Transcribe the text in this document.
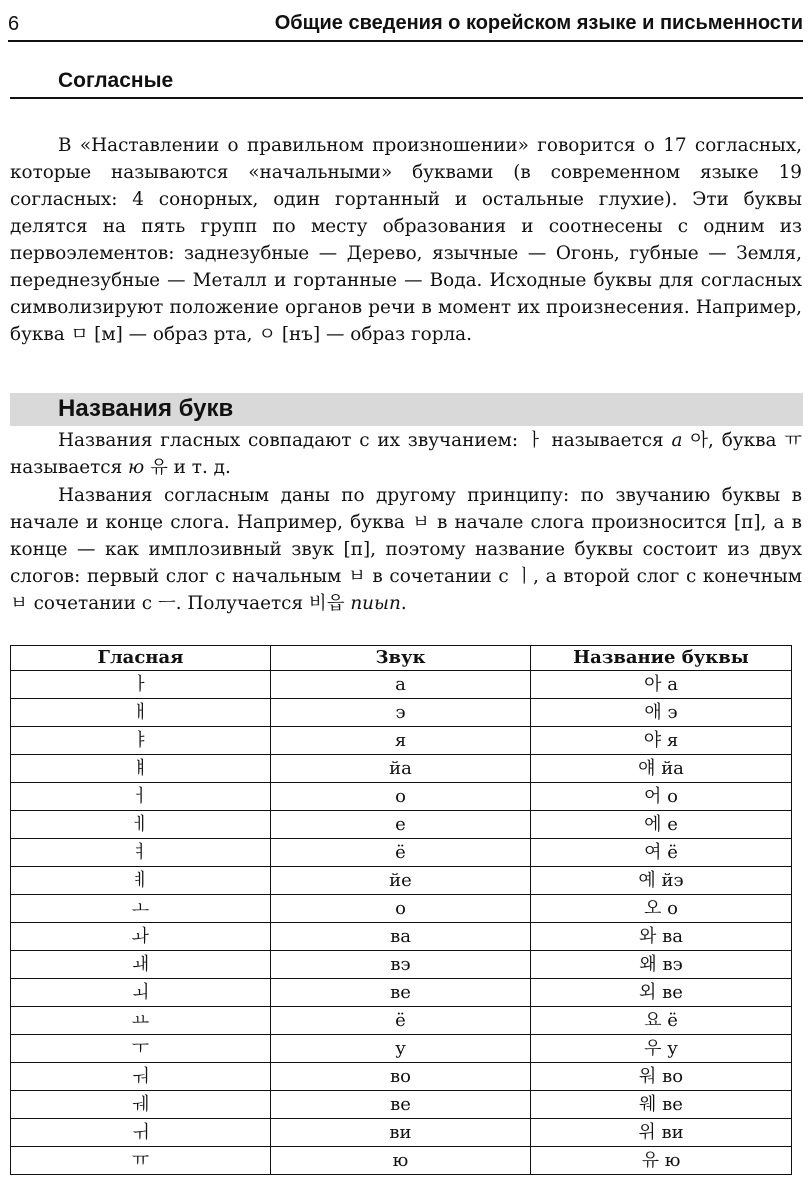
6	Общие сведения о корейском языке и письменности
Согласные

В «Наставлении о правильном произношении» говорится о 17 согласных, которые называются «начальными» буквами (в современном языке 19 согласных: 4 сонорных, один гортанный и остальные глухие). Эти буквы делятся на пять групп по месту образования и соотнесены с одним из первоэлементов: заднезубные — Дерево, язычные — Огонь, губные — Земля, переднезубные — Металл и гортанные — Вода. Исходные буквы для согласных символизируют положение органов речи в момент их произнесения. Например, буква ㅁ [м] — образ рта, ㅇ [нъ] — образ горла.

Названия букв

Названия гласных совпадают с их звучанием: ㅏ называется а 아, буква ㅠ называется ю 유 и т. д.

Названия согласным даны по другому принципу: по звучанию буквы в начале и конце слога. Например, буква ㅂ в начале слога произносится [п], а в конце — как имплозивный звук [п], поэтому название буквы состоит из двух слогов: первый слог с начальным ㅂ в сочетании с ㅣ, а второй слог с конечным ㅂ сочетании с ㅡ. Получается 비읍 пиып.

Гласная	Звук	Название буквы
ㅏ	а	아 а
ㅐ	э	애 э
ㅑ	я	야 я
ㅒ	йа	얘 йа
ㅓ	о	어 о
ㅔ	е	에 е
ㅕ	ё	여 ё
ㅖ	йе	예 йэ
ㅗ	о	오 о
ㅘ	ва	와 ва
ㅙ	вэ	왜 вэ
ㅚ	ве	외 ве
ㅛ	ё	요 ё
ㅜ	у	우 у
ㅝ	во	워 во
ㅞ	ве	웨 ве
ㅟ	ви	위 ви
ㅠ	ю	유 ю
